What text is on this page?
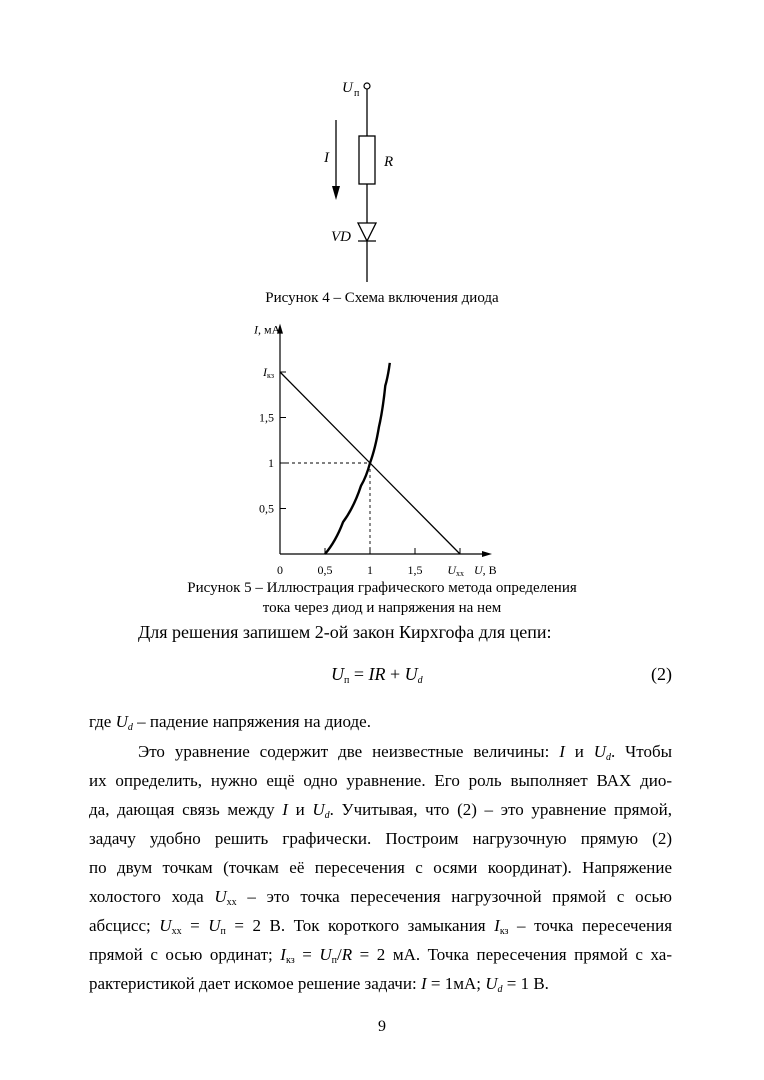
U п
R
VD
I
Рисунок 4 – Схема включения диода
0	0,5	1	1,5 Uхх U, В
0,5
1
1,5
Iкз
I, мА
Рисунок 5 – Иллюстрация графического метода определения
тока через диод и напряжения на нем
Для решения запишем 2-ой закон Кирхгофа для цепи:
$U_п$ = IR + Ud	(2)
где Ud – падение напряжения на диоде.
Это уравнение содержит две неизвестные величины: I и Ud. Чтобы
их определить, нужно ещё одно уравнение. Его роль выполняет ВАХ дио-
да, дающая связь между I и Ud. Учитывая, что (2) – это уравнение прямой,
задачу удобно решить графически. Построим нагрузочную прямую (2)
по двум точкам (точкам её пересечения с осями координат). Напряжение
холостого хода $U_{хх}$ – это точка пересечения нагрузочной прямой с осью
абсцисс; $U_{хх} = U_п = 2$ В. Ток короткого замыкания $I_{кз}$ – точка пересечения
прямой с осью ординат; $I_{кз} = U_п/R = 2$ мА. Точка пересечения прямой с ха-
рактеристикой дает искомое решение задачи: I = 1мА; Ud = 1 В.
9
